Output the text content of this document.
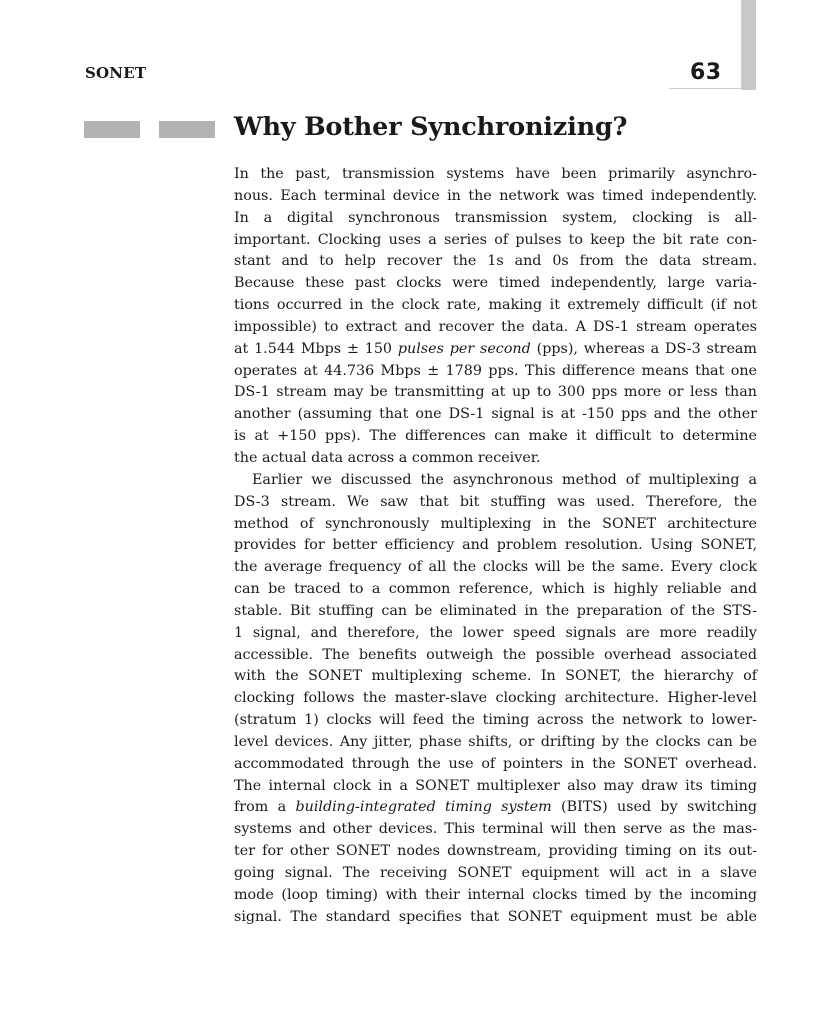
63
SONET
Why Bother Synchronizing?
In the past, transmission systems have been primarily asynchro-
nous. Each terminal device in the network was timed independently.
In a digital synchronous transmission system, clocking is all-
important. Clocking uses a series of pulses to keep the bit rate con-
stant and to help recover the 1s and 0s from the data stream.
Because these past clocks were timed independently, large varia-
tions occurred in the clock rate, making it extremely difficult (if not
impossible) to extract and recover the data. A DS-1 stream operates
at 1.544 Mbps ± 150 pulses per second (pps), whereas a DS-3 stream
operates at 44.736 Mbps ± 1789 pps. This difference means that one
DS-1 stream may be transmitting at up to 300 pps more or less than
another (assuming that one DS-1 signal is at -150 pps and the other
is at +150 pps). The differences can make it difficult to determine
the actual data across a common receiver.
Earlier we discussed the asynchronous method of multiplexing a
DS-3 stream. We saw that bit stuffing was used. Therefore, the
method of synchronously multiplexing in the SONET architecture
provides for better efficiency and problem resolution. Using SONET,
the average frequency of all the clocks will be the same. Every clock
can be traced to a common reference, which is highly reliable and
stable. Bit stuffing can be eliminated in the preparation of the STS-
1 signal, and therefore, the lower speed signals are more readily
accessible. The benefits outweigh the possible overhead associated
with the SONET multiplexing scheme. In SONET, the hierarchy of
clocking follows the master-slave clocking architecture. Higher-level
(stratum 1) clocks will feed the timing across the network to lower-
level devices. Any jitter, phase shifts, or drifting by the clocks can be
accommodated through the use of pointers in the SONET overhead.
The internal clock in a SONET multiplexer also may draw its timing
from a building-integrated timing system (BITS) used by switching
systems and other devices. This terminal will then serve as the mas-
ter for other SONET nodes downstream, providing timing on its out-
going signal. The receiving SONET equipment will act in a slave
mode (loop timing) with their internal clocks timed by the incoming
signal. The standard specifies that SONET equipment must be able
